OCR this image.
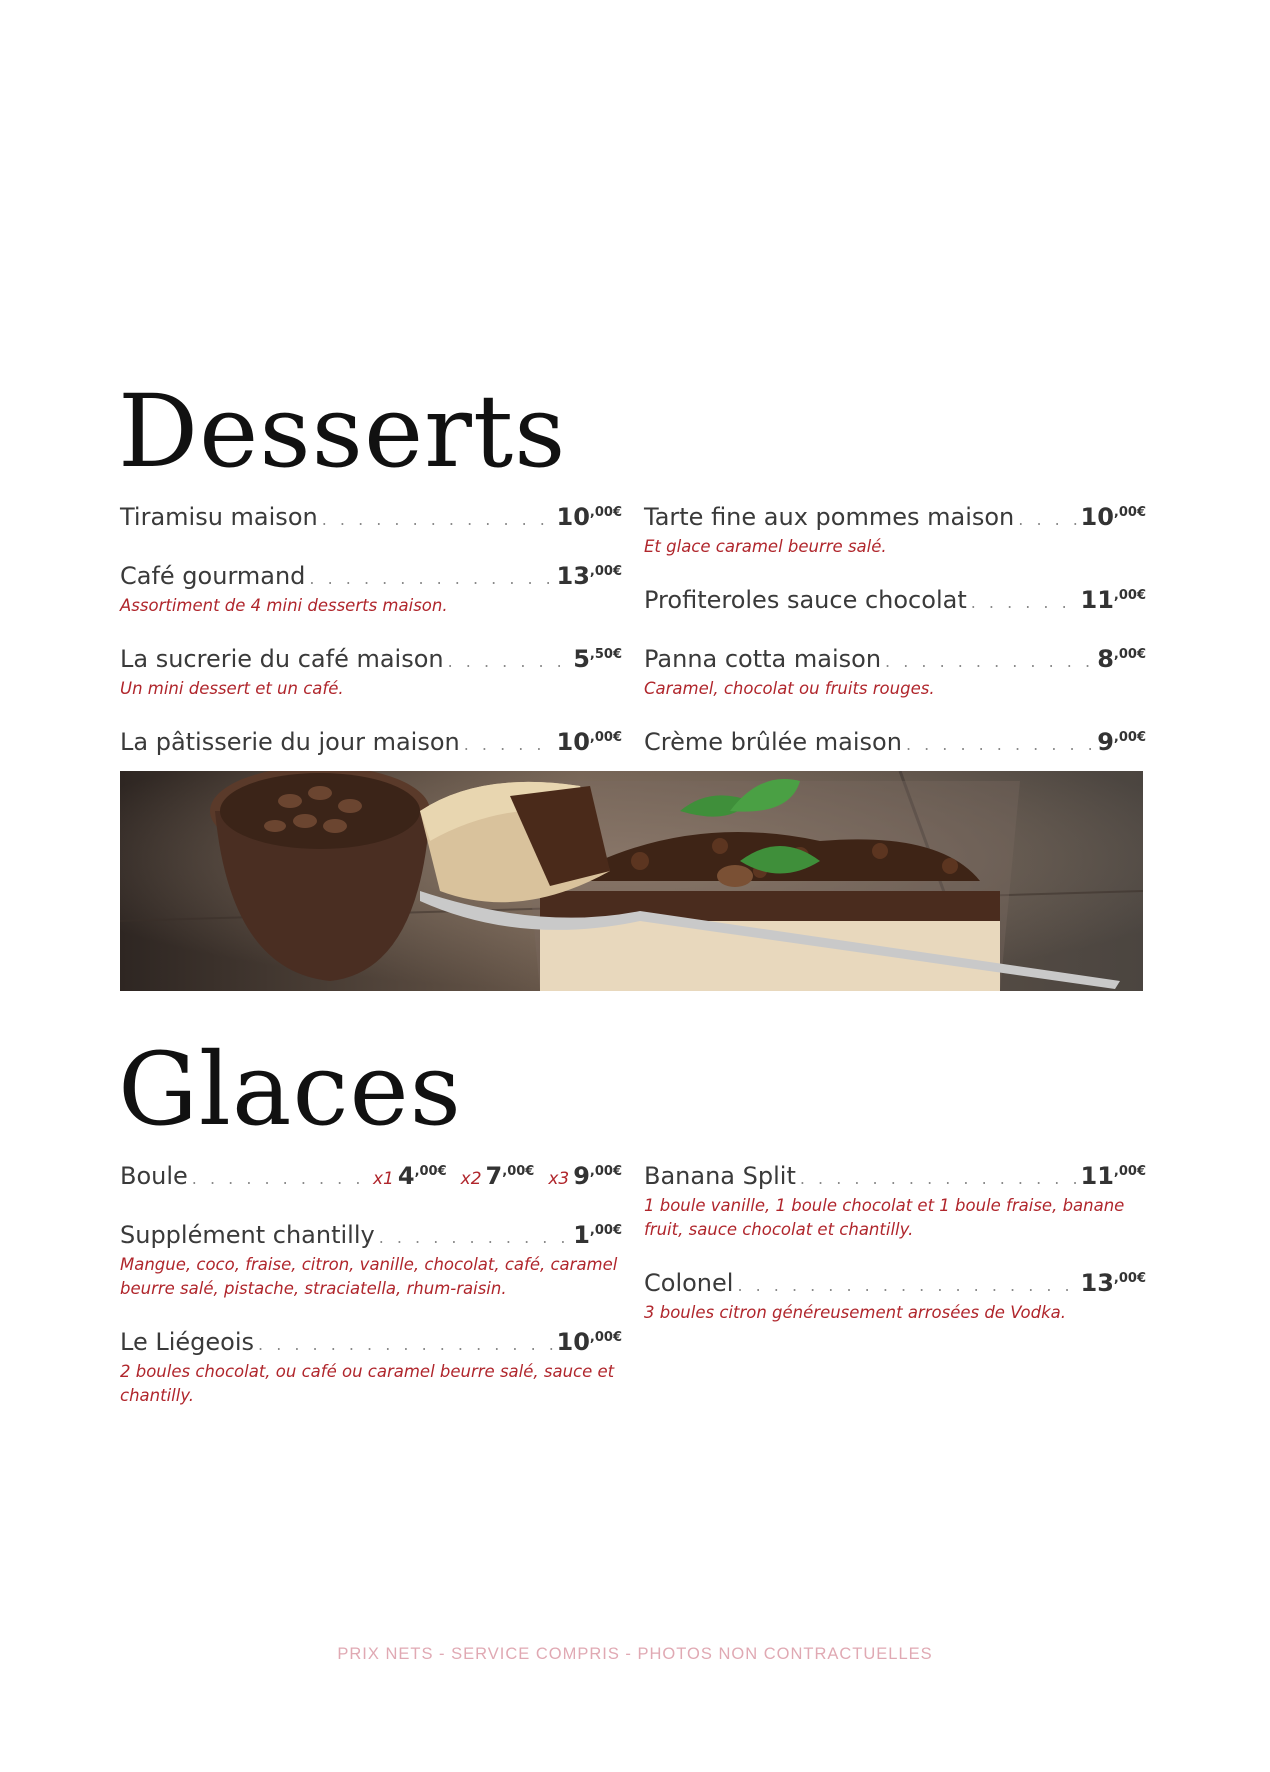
Desserts
Tiramisu maison . . .	$10^{,00€}$
Café gourmand . . .	$13^{,00€}$
Assortiment de 4 mini desserts maison.
La sucrerie du café maison . . .	$5^{,50€}$
Un mini dessert et un café.
La pâtisserie du jour maison . . .	$10^{,00€}$
Tarte fine aux pommes maison . . .	$10^{,00€}$
Et glace caramel beurre salé.
Profiteroles sauce chocolat . . .	$11^{,00€}$
Panna cotta maison . . .	$8^{,00€}$
Caramel, chocolat ou fruits rouges.
Crème brûlée maison . . .	$9^{,00€}$
Glaces
Boule . . .	x1 $4^{,00€}$ x2 $7^{,00€}$ x3 $9^{,00€}$
Supplément chantilly . . .	$1^{,00€}$
Mangue, coco, fraise, citron, vanille, chocolat, café, caramel beurre salé, pistache, straciatella, rhum-raisin.
Le Liégeois . . .	$10^{,00€}$
2 boules chocolat, ou café ou caramel beurre salé, sauce et chantilly.
Banana Split . . .	$11^{,00€}$
1 boule vanille, 1 boule chocolat et 1 boule fraise, banane fruit, sauce chocolat et chantilly.
Colonel . . .	$13^{,00€}$
3 boules citron généreusement arrosées de Vodka.
PRIX NETS - SERVICE COMPRIS - PHOTOS NON CONTRACTUELLES
